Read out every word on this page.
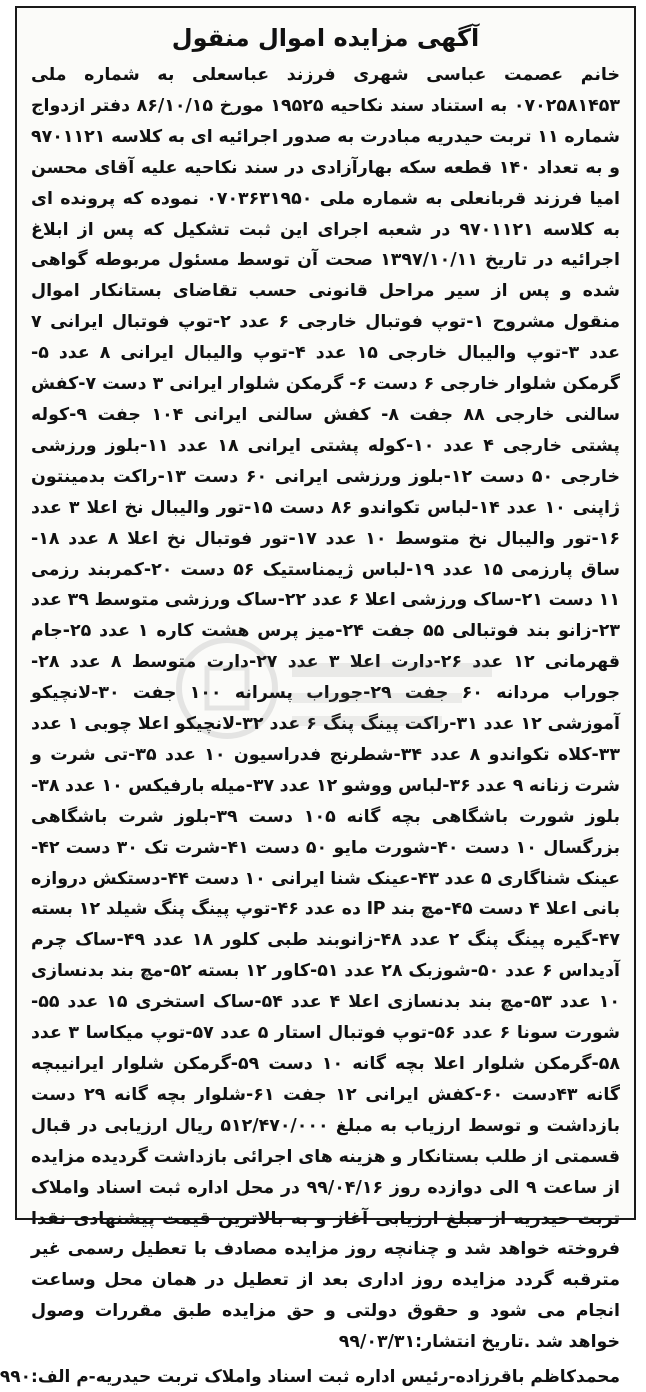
آگهی مزایده اموال منقول

خانم عصمت عباسی شهری فرزند عباسعلی به شماره ملی ۰۷۰۲۵۸۱۴۵۳ به استناد سند نکاحیه ۱۹۵۲۵ مورخ ۸۶/۱۰/۱۵ دفتر ازدواج شماره ۱۱ تربت حیدریه مبادرت به صدور اجرائیه ای به کلاسه ۹۷۰۱۱۲۱ و به تعداد ۱۴۰ قطعه سکه بهارآزادی در سند نکاحیه علیه آقای محسن امیا فرزند قربانعلی به شماره ملی ۰۷۰۳۶۳۱۹۵۰ نموده که پرونده ای به کلاسه ۹۷۰۱۱۲۱ در شعبه اجرای این ثبت تشکیل که پس از ابلاغ اجرائیه در تاریخ ۱۳۹۷/۱۰/۱۱ صحت آن توسط مسئول مربوطه گواهی شده و پس از سیر مراحل قانونی حسب تقاضای بستانکار اموال منقول مشروح ۱-توپ فوتبال خارجی ۶ عدد ۲-توپ فوتبال ایرانی ۷ عدد ۳-توپ والیبال خارجی ۱۵ عدد ۴-توپ والیبال ایرانی ۸ عدد ۵-گرمکن شلوار خارجی ۶ دست ۶- گرمکن شلوار ایرانی ۳ دست ۷-کفش سالنی خارجی ۸۸ جفت ۸- کفش سالنی ایرانی ۱۰۴ جفت ۹-کوله پشتی خارجی ۴ عدد ۱۰-کوله پشتی ایرانی ۱۸ عدد ۱۱-بلوز ورزشی خارجی ۵۰ دست ۱۲-بلوز ورزشی ایرانی ۶۰ دست ۱۳-راکت بدمینتون ژاپنی ۱۰ عدد ۱۴-لباس تکواندو ۸۶ دست ۱۵-تور والیبال نخ اعلا ۳ عدد ۱۶-تور والیبال نخ متوسط ۱۰ عدد ۱۷-تور فوتبال نخ اعلا ۸ عدد ۱۸-ساق پارزمی ۱۵ عدد ۱۹-لباس ژیمناستیک ۵۶ دست ۲۰-کمربند رزمی ۱۱ دست ۲۱-ساک ورزشی اعلا ۶ عدد ۲۲-ساک ورزشی متوسط ۳۹ عدد ۲۳-زانو بند فوتبالی ۵۵ جفت ۲۴-میز پرس هشت کاره ۱ عدد ۲۵-جام قهرمانی ۱۲ عدد ۲۶-دارت اعلا ۳ عدد ۲۷-دارت متوسط ۸ عدد ۲۸-جوراب مردانه ۶۰ جفت ۲۹-جوراب پسرانه ۱۰۰ جفت ۳۰-لانچیکو آموزشی ۱۲ عدد ۳۱-راکت پینگ پنگ ۶ عدد ۳۲-لانچیکو اعلا چوبی ۱ عدد ۳۳-کلاه تکواندو ۸ عدد ۳۴-شطرنج فدراسیون ۱۰ عدد ۳۵-تی شرت و شرت زنانه ۹ عدد ۳۶-لباس ووشو ۱۲ عدد ۳۷-میله بارفیکس ۱۰ عدد ۳۸-بلوز شورت باشگاهی بچه گانه ۱۰۵ دست ۳۹-بلوز شرت باشگاهی بزرگسال ۱۰ دست ۴۰-شورت مایو ۵۰ دست ۴۱-شرت تک ۳۰ دست ۴۲-عینک شناگاری ۵ عدد ۴۳-عینک شنا ایرانی ۱۰ دست ۴۴-دستکش دروازه بانی اعلا ۴ دست ۴۵-مچ بند IP ده عدد ۴۶-توپ پینگ پنگ شیلد ۱۲ بسته ۴۷-گیره پینگ پنگ ۲ عدد ۴۸-زانوبند طبی کلور ۱۸ عدد ۴۹-ساک چرم آدیداس ۶ عدد ۵۰-شوزبک ۲۸ عدد ۵۱-کاور ۱۲ بسته ۵۲-مچ بند بدنسازی ۱۰ عدد ۵۳-مچ بند بدنسازی اعلا ۴ عدد ۵۴-ساک استخری ۱۵ عدد ۵۵-شورت سونا ۶ عدد ۵۶-توپ فوتبال استار ۵ عدد ۵۷-توپ میکاسا ۳ عدد ۵۸-گرمکن شلوار اعلا بچه گانه ۱۰ دست ۵۹-گرمکن شلوار ایرانیبچه گانه ۴۳دست ۶۰-کفش ایرانی ۱۲ جفت ۶۱-شلوار بچه گانه ۲۹ دست بازداشت و توسط ارزیاب به مبلغ ۵۱۲/۴۷۰/۰۰۰ ریال ارزیابی در قبال قسمتی از طلب بستانکار و هزینه های اجرائی بازداشت گردیده مزایده از ساعت ۹ الی دوازده روز ۹۹/۰۴/۱۶ در محل اداره ثبت اسناد واملاک تربت حیدریه از مبلغ ارزیابی آغاز و به بالاترین قیمت پیشنهادی نقدا فروخته خواهد شد و چنانچه روز مزایده مصادف با تعطیل رسمی غیر مترقبه گردد مزایده روز اداری بعد از تعطیل در همان محل وساعت انجام می شود و حقوق دولتی و حق مزایده طبق مقررات وصول خواهد شد .تاریخ انتشار:۹۹/۰۳/۳۱

محمدکاظم باقرزاده-رئیس اداره ثبت اسناد واملاک تربت حیدریه-م الف:۹۹۰
